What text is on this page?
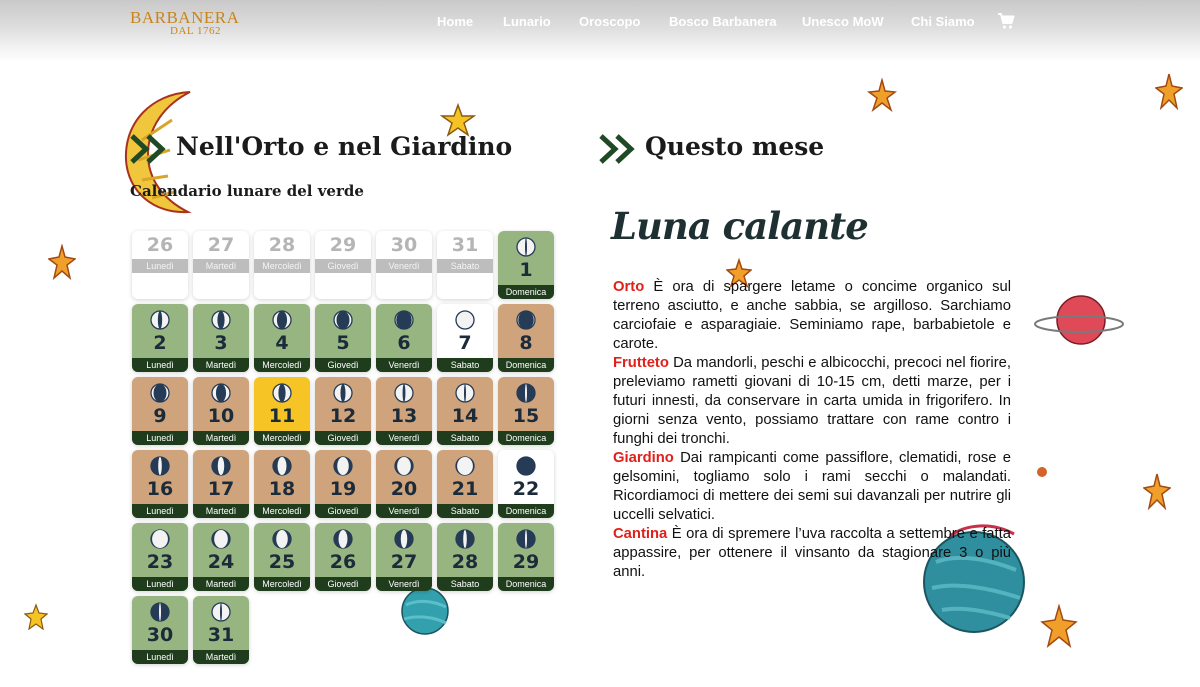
BARBANERA
DAL 1762
Home Lunario Oroscopo Bosco Barbanera Unesco MoW Chi Siamo
Nell'Orto e nel Giardino
Calendario lunare del verde
26
Lunedì
27
Martedì
28
Mercoledì
29
Giovedì
30
Venerdì
31
Sabato	1
Domenica
2
Lunedì
3
Martedì
4
Mercoledì
5
Giovedì
6
Venerdì
7
Sabato
8
Domenica
9
Lunedì
10
Martedì
11
Mercoledì
12
Giovedì
13
Venerdì
14
Sabato
15
Domenica
16
Lunedì
17
Martedì
18
Mercoledì
19
Giovedì
20
Venerdì
21
Sabato
22
Domenica
23
Lunedì
24
Martedì
25
Mercoledì
26
Giovedì
27
Venerdì
28
Sabato
29
Domenica
30
Lunedì
31
Martedì
Questo mese
Luna calante

Orto È ora di spargere letame o concime organico sul terreno asciutto, e anche sabbia, se argilloso. Sarchiamo carciofaie e asparagiaie. Seminiamo rape, barbabietole e carote.

Frutteto Da mandorli, peschi e albicocchi, precoci nel fiorire, preleviamo rametti giovani di 10-15 cm, detti marze, per i futuri innesti, da conservare in carta umida in frigorifero. In giorni senza vento, possiamo trattare con rame contro i funghi dei tronchi.

Giardino Dai rampicanti come passiflore, clematidi, rose e gelsomini, togliamo solo i rami secchi o malandati. Ricordiamoci di mettere dei semi sui davanzali per nutrire gli uccelli selvatici.

Cantina È ora di spremere l’uva raccolta a settembre e fatta appassire, per ottenere il vinsanto da stagionare 3 o più anni.
